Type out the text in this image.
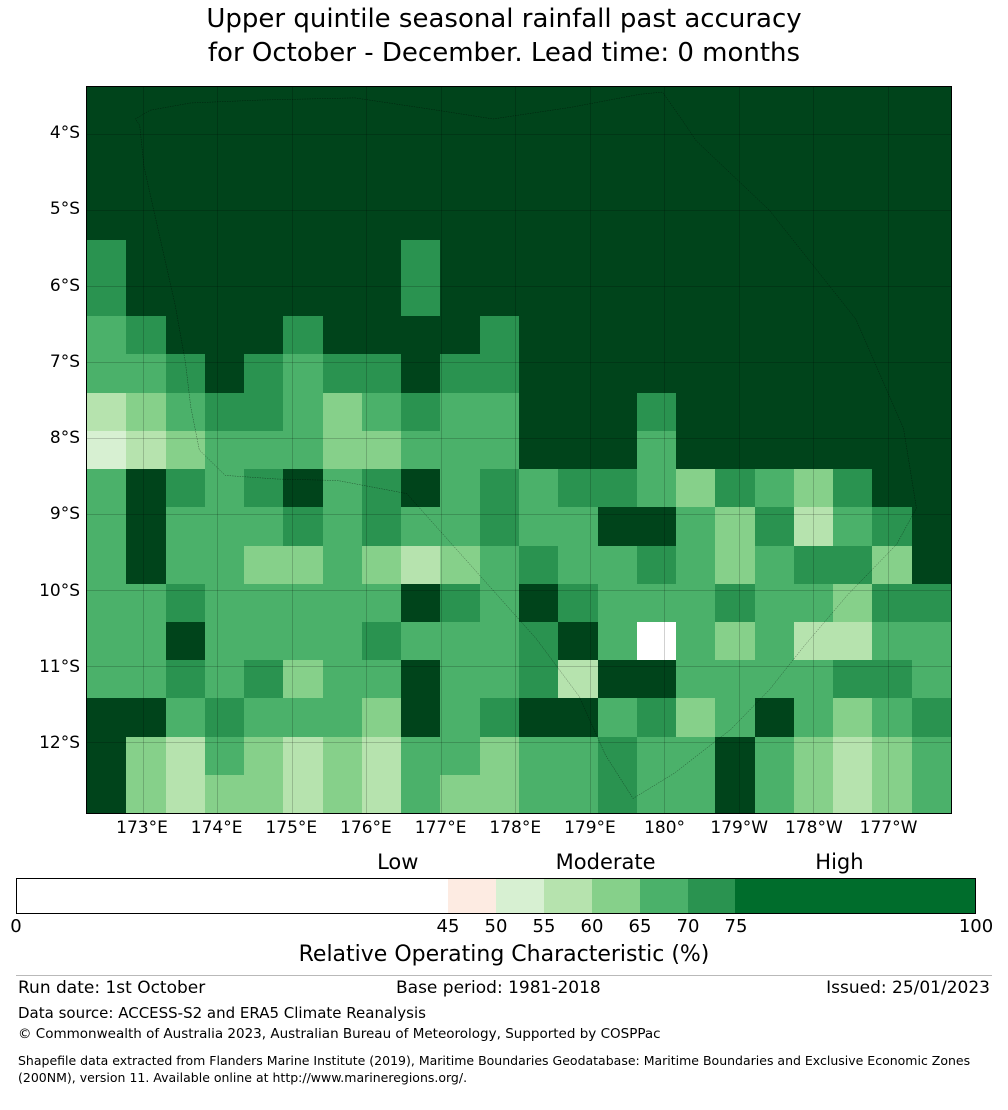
Upper quintile seasonal rainfall past accuracy
for October - December. Lead time: 0 months
4°S
5°S
6°S
7°S
8°S
9°S
10°S
11°S
12°S
173°E 174°E 175°E 176°E 177°E 178°E 179°E 180° 179°W 178°W 177°W
Low	Moderate	High
0	45 50 55 60 65 70 75	100
Relative Operating Characteristic (%)
Run date: 1st October	Base period: 1981-2018	Issued: 25/01/2023
Data source: ACCESS-S2 and ERA5 Climate Reanalysis
© Commonwealth of Australia 2023, Australian Bureau of Meteorology, Supported by COSPPac
Shapefile data extracted from Flanders Marine Institute (2019), Maritime Boundaries Geodatabase: Maritime Boundaries and Exclusive Economic Zones (200NM), version 11. Available online at http://www.marineregions.org/.
